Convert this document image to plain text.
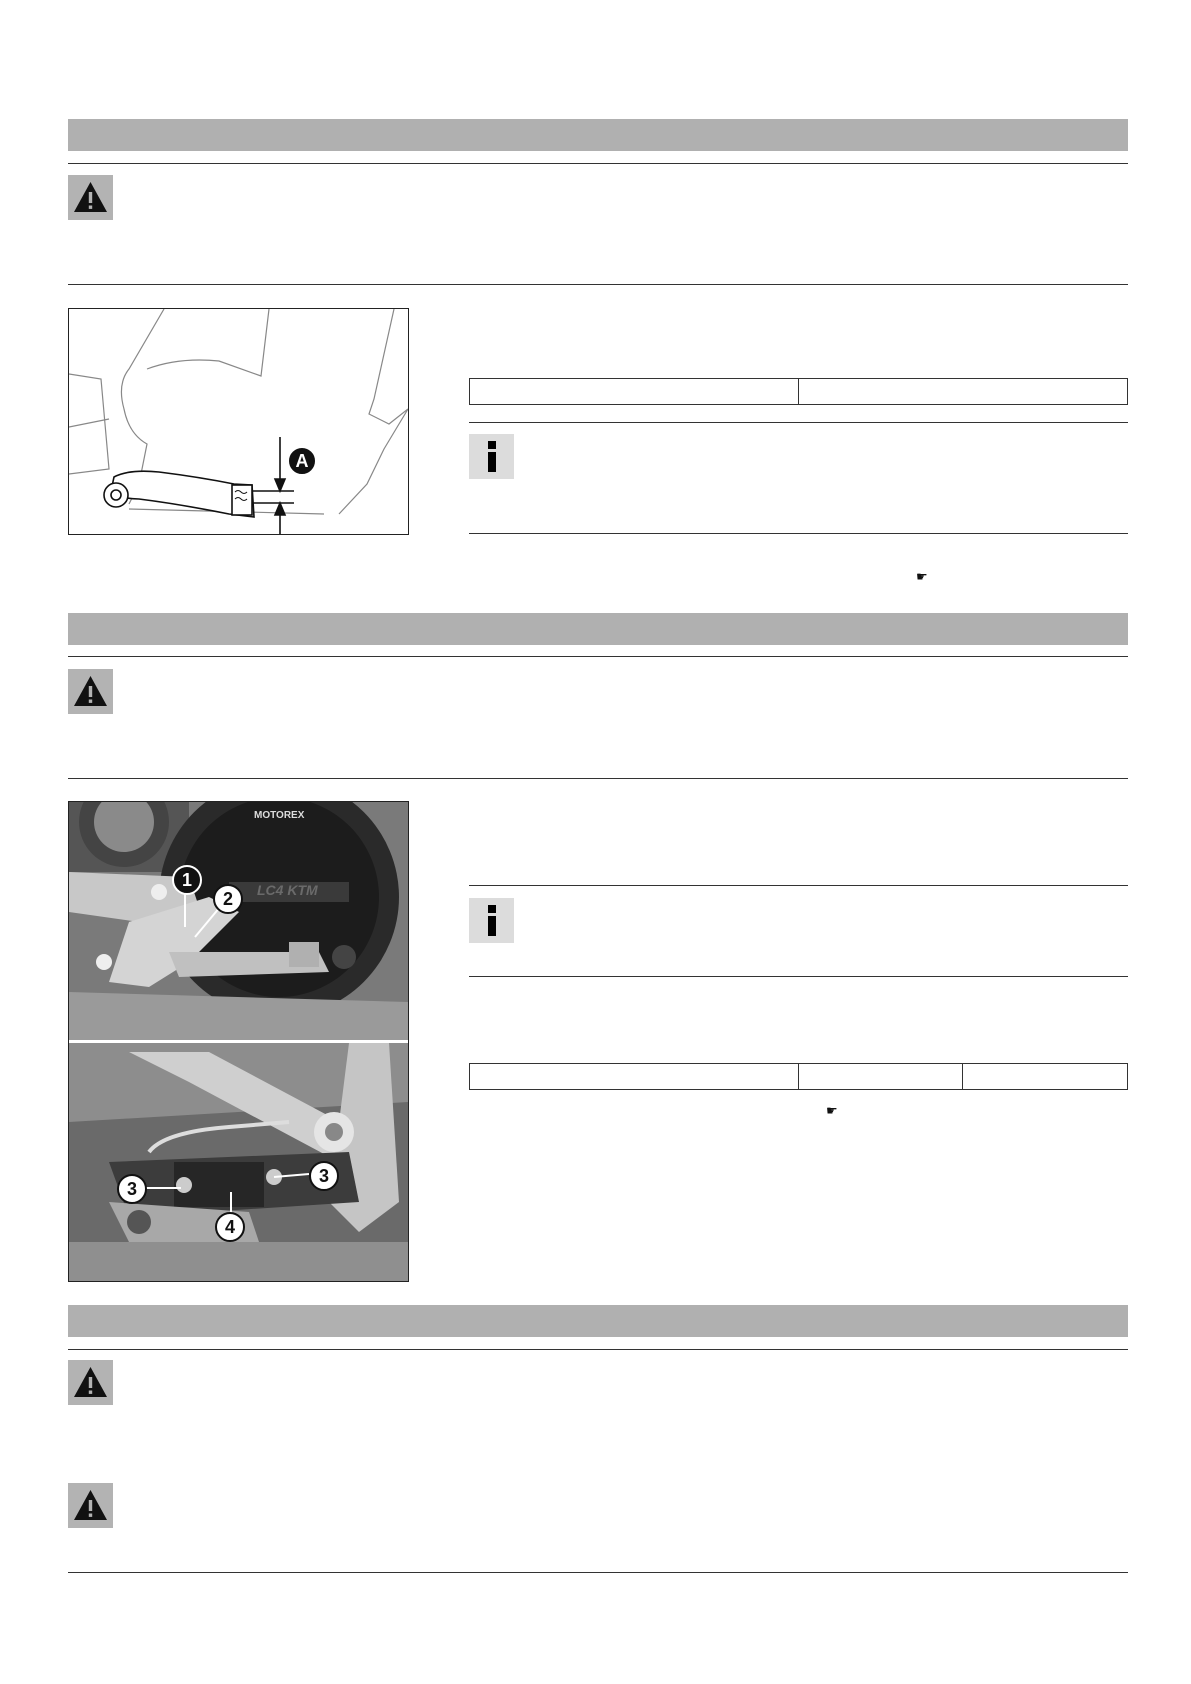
A

☛
MOTOREX
LC4 KTM
1
2
3
3
4

☛
